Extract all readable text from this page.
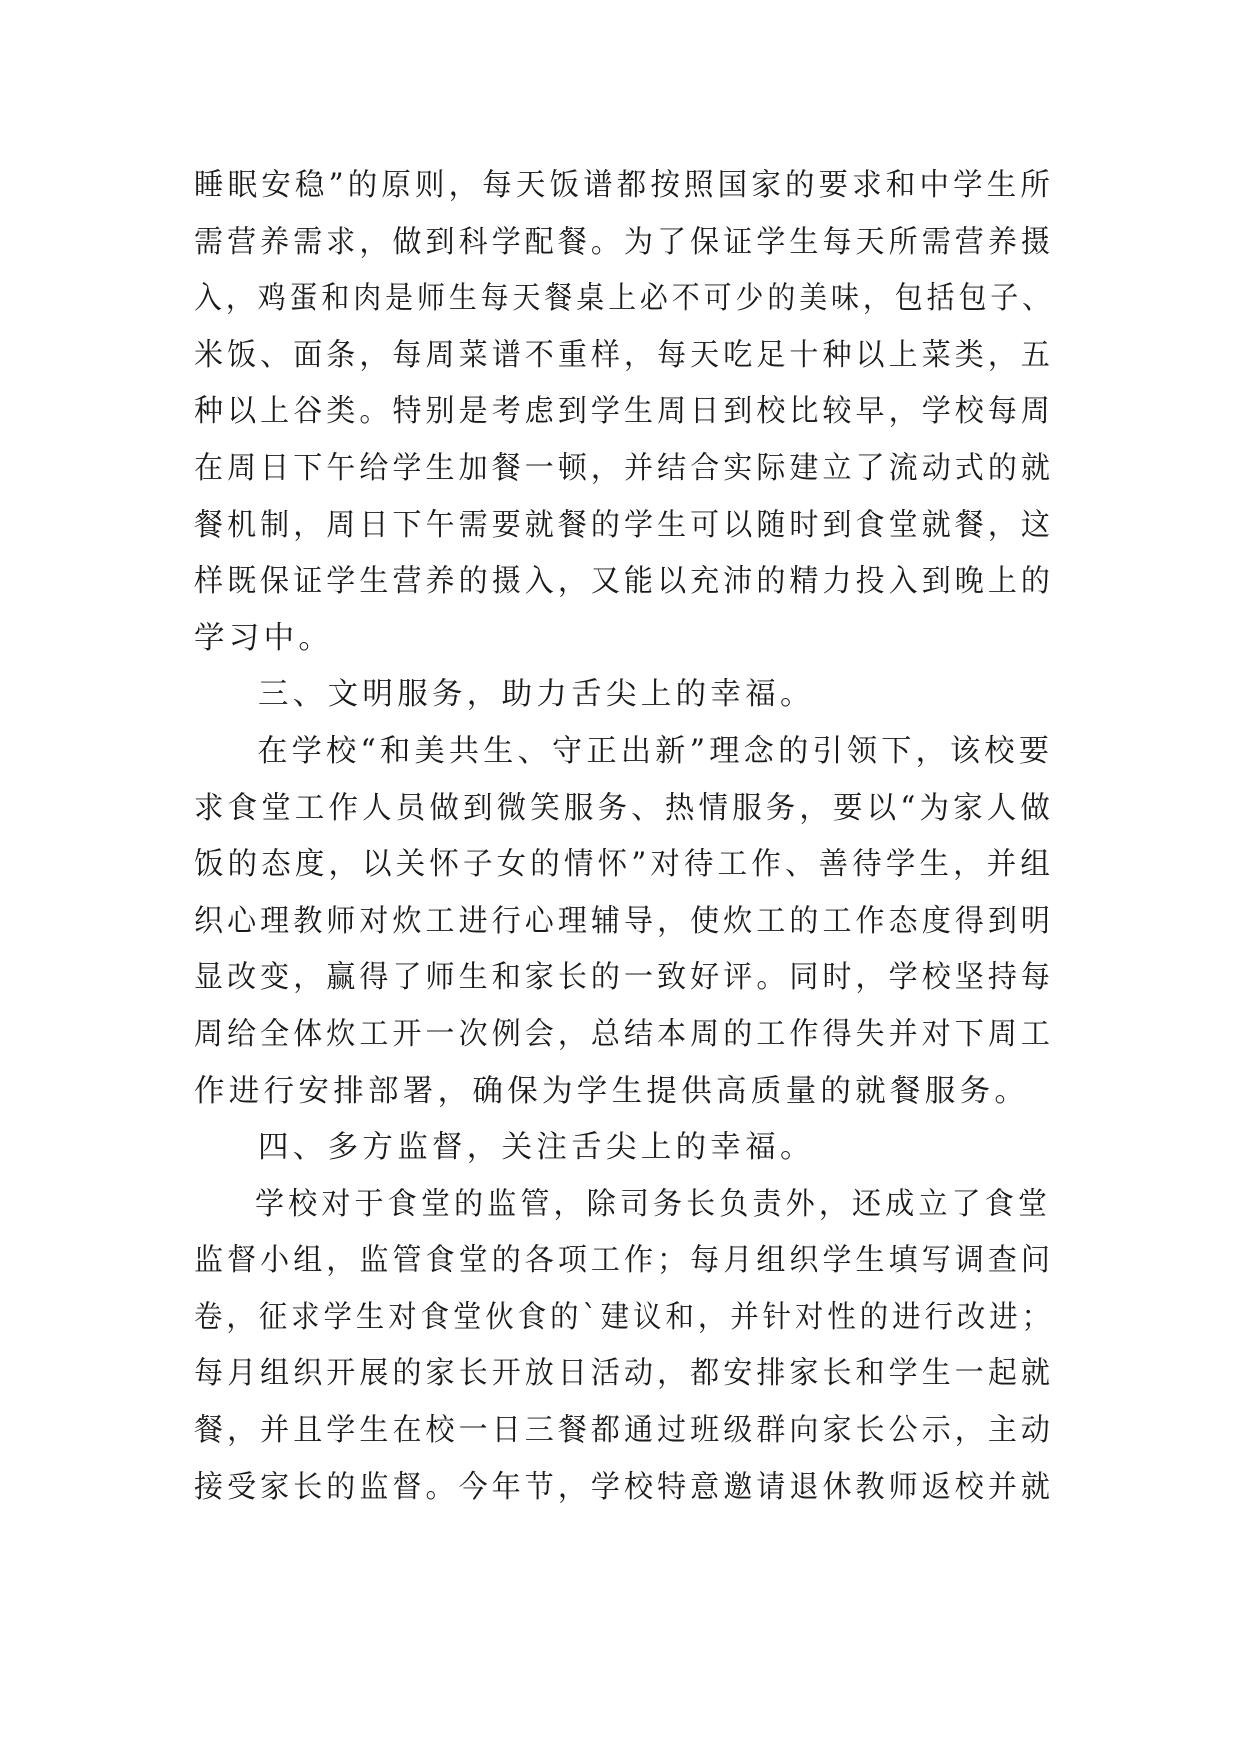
睡眠安稳”的原则，每天饭谱都按照国家的要求和中学生所
需营养需求，做到科学配餐。为了保证学生每天所需营养摄
入，鸡蛋和肉是师生每天餐桌上必不可少的美味，包括包子、
米饭、面条，每周菜谱不重样，每天吃足十种以上菜类，五
种以上谷类。特别是考虑到学生周日到校比较早，学校每周
在周日下午给学生加餐一顿，并结合实际建立了流动式的就
餐机制，周日下午需要就餐的学生可以随时到食堂就餐，这
样既保证学生营养的摄入，又能以充沛的精力投入到晚上的
学习中。
三、文明服务，助力舌尖上的幸福。
在学校“和美共生、守正出新”理念的引领下，该校要
求食堂工作人员做到微笑服务、热情服务，要以“为家人做
饭的态度，以关怀子女的情怀”对待工作、善待学生，并组
织心理教师对炊工进行心理辅导，使炊工的工作态度得到明
显改变，赢得了师生和家长的一致好评。同时，学校坚持每
周给全体炊工开一次例会，总结本周的工作得失并对下周工
作进行安排部署，确保为学生提供高质量的就餐服务。
四、多方监督，关注舌尖上的幸福。
学校对于食堂的监管，除司务长负责外，还成立了食堂
监督小组，监管食堂的各项工作；每月组织学生填写调查问
卷，征求学生对食堂伙食的`建议和，并针对性的进行改进；
每月组织开展的家长开放日活动，都安排家长和学生一起就
餐，并且学生在校一日三餐都通过班级群向家长公示，主动
接受家长的监督。今年节，学校特意邀请退休教师返校并就
